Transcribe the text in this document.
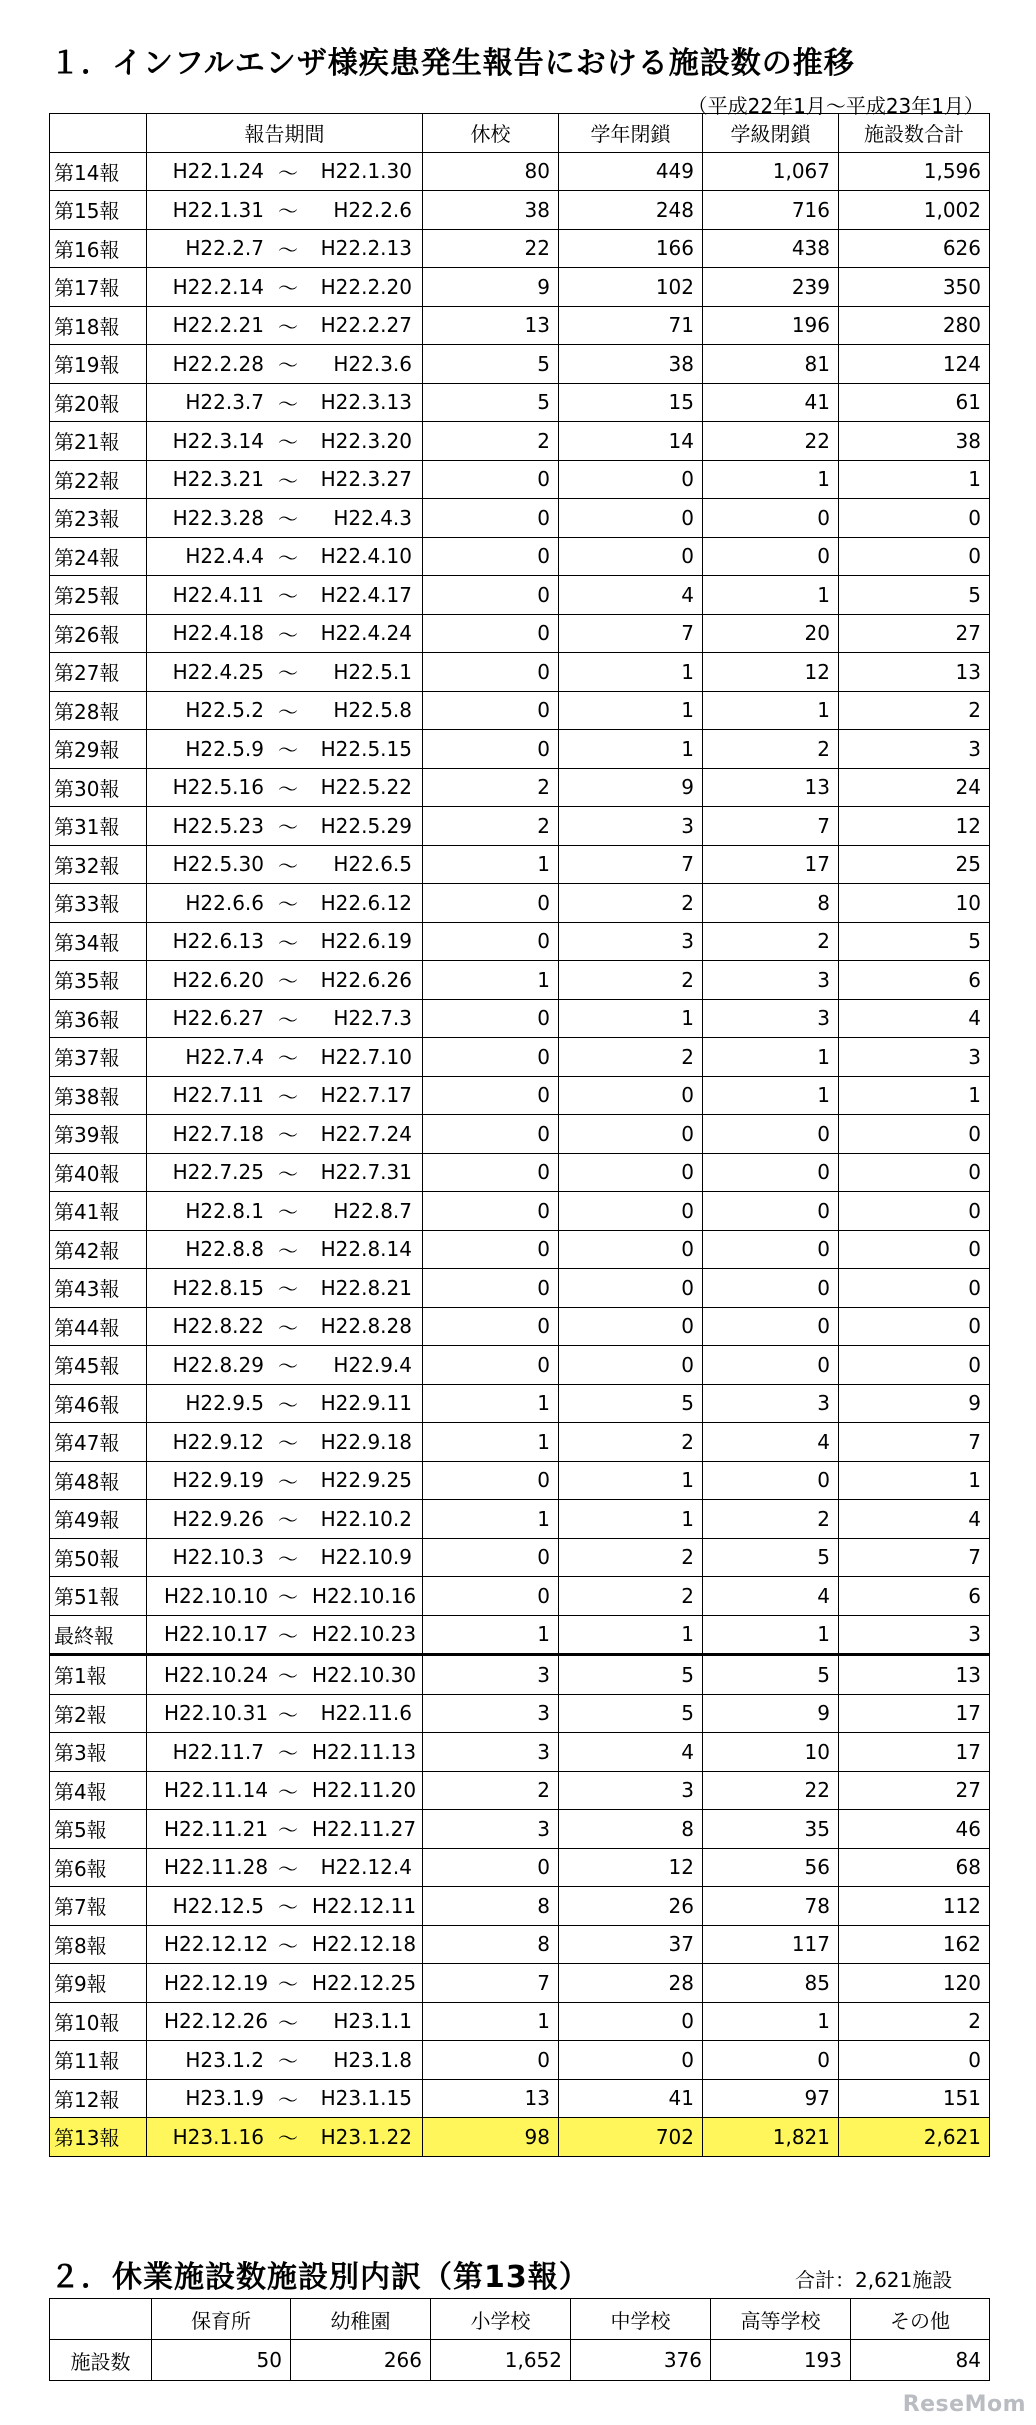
１．インフルエンザ様疾患発生報告における施設数の推移
（平成22年1月～平成23年1月）
	報告期間	休校	学年閉鎖	学級閉鎖	施設数合計
第14報	H22.1.24 ～ H22.1.30	80	449	1,067	1,596
第15報	H22.1.31 ～ H22.2.6	38	248	716	1,002
第16報	H22.2.7 ～ H22.2.13	22	166	438	626
第17報	H22.2.14 ～ H22.2.20	9	102	239	350
第18報	H22.2.21 ～ H22.2.27	13	71	196	280
第19報	H22.2.28 ～ H22.3.6	5	38	81	124
第20報	H22.3.7 ～ H22.3.13	5	15	41	61
第21報	H22.3.14 ～ H22.3.20	2	14	22	38
第22報	H22.3.21 ～ H22.3.27	0	0	1	1
第23報	H22.3.28 ～ H22.4.3	0	0	0	0
第24報	H22.4.4 ～ H22.4.10	0	0	0	0
第25報	H22.4.11 ～ H22.4.17	0	4	1	5
第26報	H22.4.18 ～ H22.4.24	0	7	20	27
第27報	H22.4.25 ～ H22.5.1	0	1	12	13
第28報	H22.5.2 ～ H22.5.8	0	1	1	2
第29報	H22.5.9 ～ H22.5.15	0	1	2	3
第30報	H22.5.16 ～ H22.5.22	2	9	13	24
第31報	H22.5.23 ～ H22.5.29	2	3	7	12
第32報	H22.5.30 ～ H22.6.5	1	7	17	25
第33報	H22.6.6 ～ H22.6.12	0	2	8	10
第34報	H22.6.13 ～ H22.6.19	0	3	2	5
第35報	H22.6.20 ～ H22.6.26	1	2	3	6
第36報	H22.6.27 ～ H22.7.3	0	1	3	4
第37報	H22.7.4 ～ H22.7.10	0	2	1	3
第38報	H22.7.11 ～ H22.7.17	0	0	1	1
第39報	H22.7.18 ～ H22.7.24	0	0	0	0
第40報	H22.7.25 ～ H22.7.31	0	0	0	0
第41報	H22.8.1 ～ H22.8.7	0	0	0	0
第42報	H22.8.8 ～ H22.8.14	0	0	0	0
第43報	H22.8.15 ～ H22.8.21	0	0	0	0
第44報	H22.8.22 ～ H22.8.28	0	0	0	0
第45報	H22.8.29 ～ H22.9.4	0	0	0	0
第46報	H22.9.5 ～ H22.9.11	1	5	3	9
第47報	H22.9.12 ～ H22.9.18	1	2	4	7
第48報	H22.9.19 ～ H22.9.25	0	1	0	1
第49報	H22.9.26 ～ H22.10.2	1	1	2	4
第50報	H22.10.3 ～ H22.10.9	0	2	5	7
第51報	H22.10.10 ～ H22.10.16	0	2	4	6
最終報	H22.10.17 ～ H22.10.23	1	1	1	3
第1報	H22.10.24 ～ H22.10.30	3	5	5	13
第2報	H22.10.31 ～ H22.11.6	3	5	9	17
第3報	H22.11.7 ～ H22.11.13	3	4	10	17
第4報	H22.11.14 ～ H22.11.20	2	3	22	27
第5報	H22.11.21 ～ H22.11.27	3	8	35	46
第6報	H22.11.28 ～ H22.12.4	0	12	56	68
第7報	H22.12.5 ～ H22.12.11	8	26	78	112
第8報	H22.12.12 ～ H22.12.18	8	37	117	162
第9報	H22.12.19 ～ H22.12.25	7	28	85	120
第10報	H22.12.26 ～ H23.1.1	1	0	1	2
第11報	H23.1.2 ～ H23.1.8	0	0	0	0
第12報	H23.1.9 ～ H23.1.15	13	41	97	151
第13報	H23.1.16 ～ H23.1.22	98	702	1,821	2,621
２．休業施設数施設別内訳（第13報）	合計：2,621施設
	保育所	幼稚園	小学校	中学校	高等学校	その他
施設数	50	266	1,652	376	193	84
ReseMom
